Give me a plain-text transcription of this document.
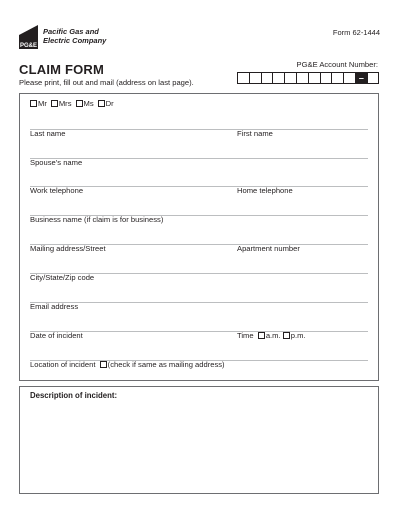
PG&E
Pacific Gas and
Electric Company
Form 62-1444
CLAIM FORM
Please print, fill out and mail (address on last page).
PG&E Account Number:
–
Mr Mrs Ms Dr
Last name	First name
Spouse’s name
Work telephone	Home telephone
Business name (if claim is for business)
Mailing address/Street	Apartment number
City/State/Zip code
Email address
Date of incident	Time a.m. p.m.
Location of incident (check if same as mailing address)
Description of incident:
